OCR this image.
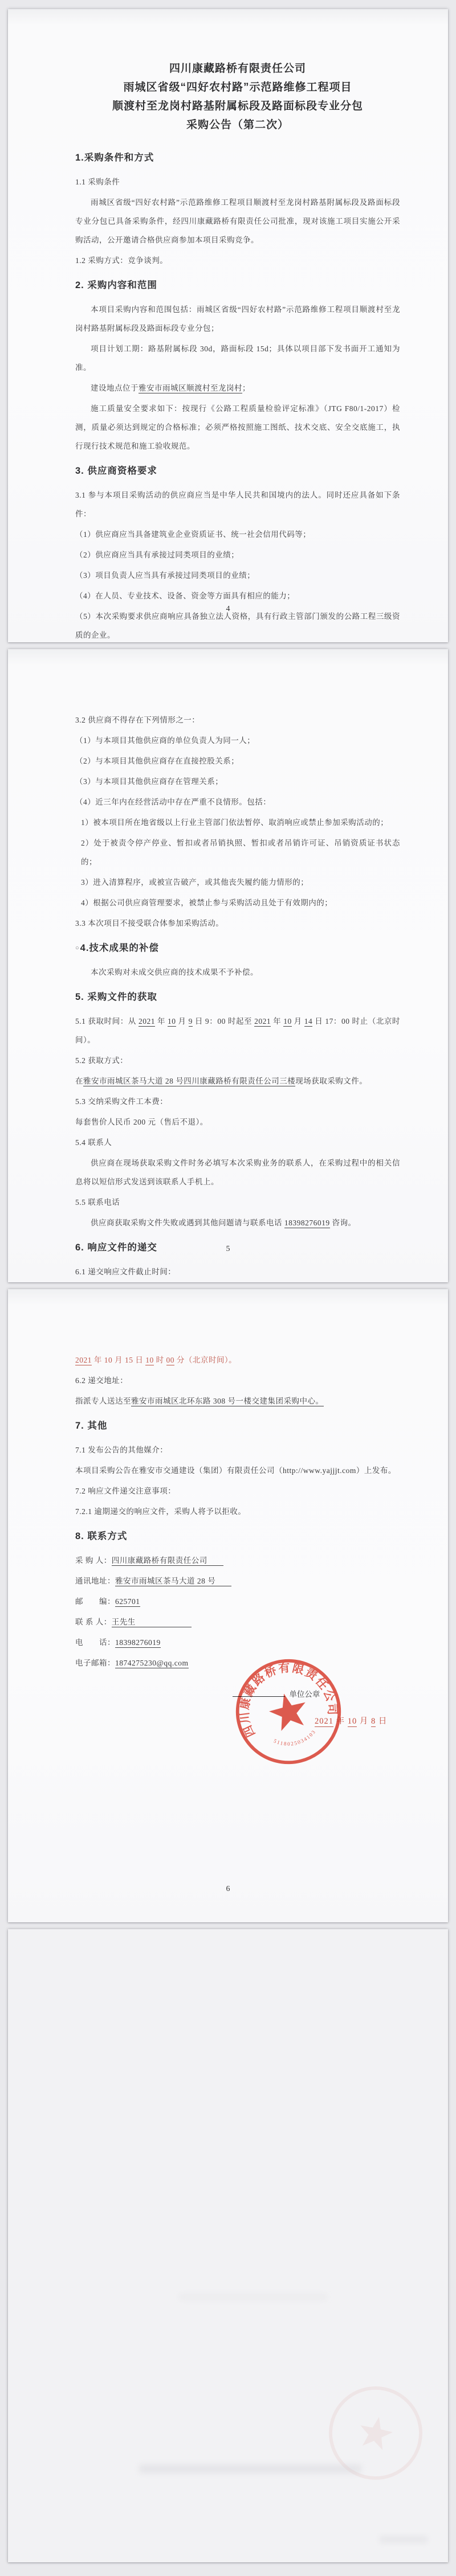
四川康藏路桥有限责任公司
雨城区省级“四好农村路”示范路维修工程项目
顺渡村至龙岗村路基附属标段及路面标段专业分包
采购公告（第二次）
1.采购条件和方式
1.1 采购条件
雨城区省级“四好农村路”示范路维修工程项目顺渡村至龙岗村路基附属标段及路面标段专业分包已具备采购条件，经四川康藏路桥有限责任公司批准，现对该施工项目实施公开采购活动，公开邀请合格供应商参加本项目采购竞争。
1.2 采购方式：竞争谈判。
2. 采购内容和范围
本项目采购内容和范围包括：雨城区省级“四好农村路”示范路维修工程项目顺渡村至龙岗村路基附属标段及路面标段专业分包；
项目计划工期：路基附属标段 30d，路面标段 15d；具体以项目部下发书面开工通知为准。
建设地点位于雅安市雨城区顺渡村至龙岗村；
施工质量安全要求如下：按现行《公路工程质量检验评定标准》（JTG F80/1-2017）检测，质量必须达到规定的合格标准；必须严格按照施工图纸、技术交底、安全交底施工，执行现行技术规范和施工验收规范。
3. 供应商资格要求
3.1 参与本项目采购活动的供应商应当是中华人民共和国境内的法人。同时还应具备如下条件：
（1）供应商应当具备建筑业企业资质证书、统一社会信用代码等；
（2）供应商应当具有承接过同类项目的业绩；
（3）项目负责人应当具有承接过同类项目的业绩；
（4）在人员、专业技术、设备、资金等方面具有相应的能力；
（5）本次采购要求供应商响应具备独立法人资格，具有行政主管部门颁发的公路工程三级资质的企业。
4
3.2 供应商不得存在下列情形之一：
（1）与本项目其他供应商的单位负责人为同一人；
（2）与本项目其他供应商存在直接控股关系；
（3）与本项目其他供应商存在管理关系；
（4）近三年内在经营活动中存在严重不良情形。包括：
1）被本项目所在地省级以上行业主管部门依法暂停、取消响应或禁止参加采购活动的；
2）处于被责令停产停业、暂扣或者吊销执照、暂扣或者吊销许可证、吊销资质证书状态的；
3）进入清算程序，或被宣告破产，或其他丧失履约能力情形的；
4）根据公司供应商管理要求，被禁止参与采购活动且处于有效期内的；
3.3 本次项目不接受联合体参加采购活动。
○4.技术成果的补偿
本次采购对未成交供应商的技术成果不予补偿。
5. 采购文件的获取
5.1 获取时间：从 2021 年 10 月 9 日 9：00 时起至 2021 年 10 月 14 日 17：00 时止（北京时间）。
5.2 获取方式：
在雅安市雨城区茶马大道 28 号四川康藏路桥有限责任公司三楼现场获取采购文件。
5.3 交纳采购文件工本费：
每套售价人民币 200 元（售后不退）。
5.4 联系人
供应商在现场获取采购文件时务必填写本次采购业务的联系人，在采购过程中的相关信息将以短信形式发送到该联系人手机上。
5.5 联系电话
供应商获取采购文件失败或遇到其他问题请与联系电话 18398276019 咨询。
6. 响应文件的递交
6.1 递交响应文件截止时间：
5
2021 年 10 月 15 日 10 时 00 分（北京时间）。
6.2 递交地址：
指派专人送达至雅安市雨城区北环东路 308 号一楼交建集团采购中心。
7. 其他
7.1 发布公告的其他媒介：
本项目采购公告在雅安市交通建设（集团）有限责任公司（http://www.yajjjt.com）上发布。
7.2 响应文件递交注意事项：
7.2.1 逾期递交的响应文件，采购人将予以拒收。
8. 联系方式
采 购 人：四川康藏路桥有限责任公司　　
通讯地址：雅安市雨城区茶马大道 28 号　　
邮　　编：625701
联 系 人：王先生　　　　　　　
电　　话：18398276019
电子邮箱：1874275230@qq.com
单位公章
四川康藏路桥有限责任公司
5118025034103
2021 年 10 月 8 日
6
